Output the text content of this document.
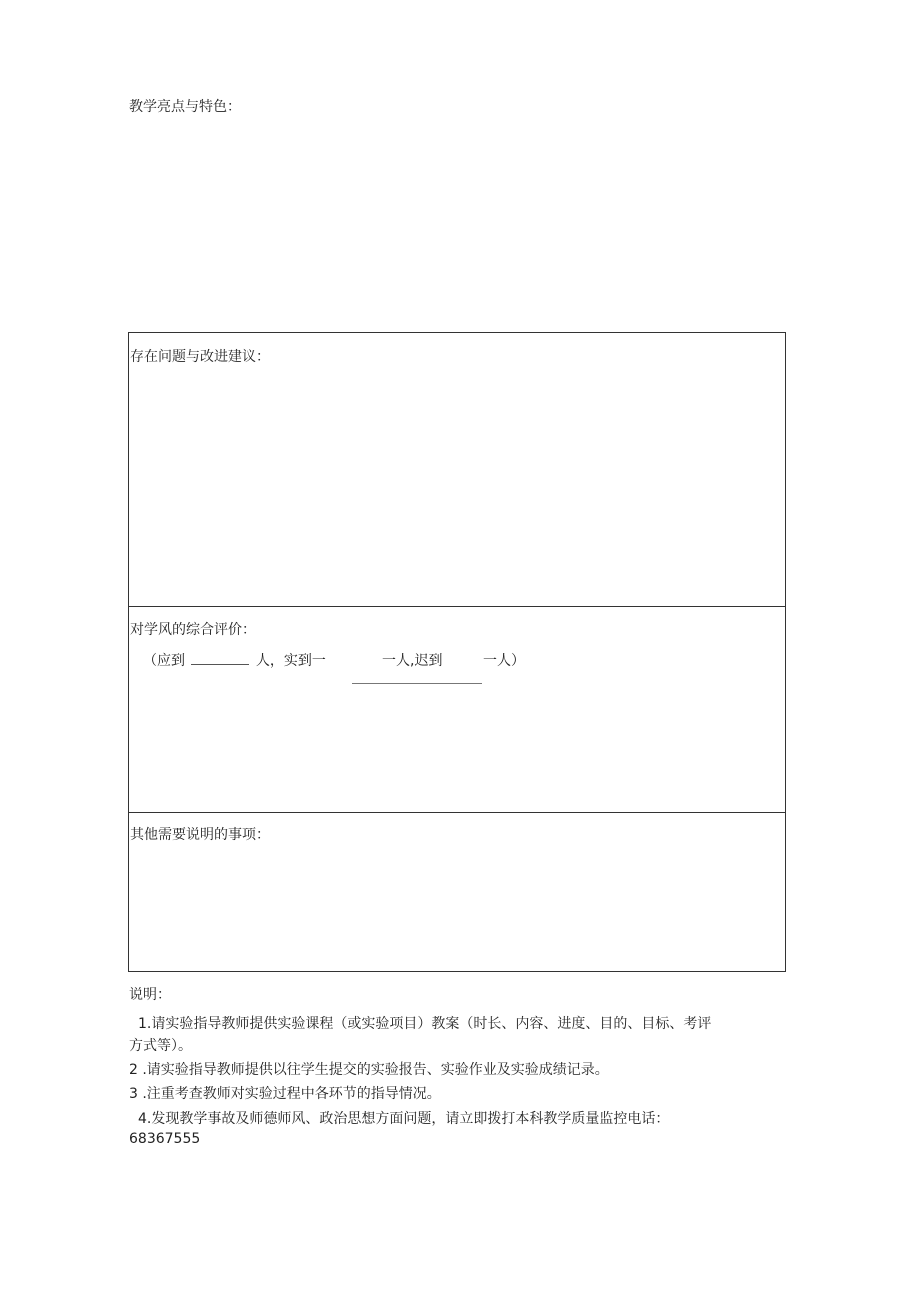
教学亮点与特色：
存在问题与改进建议：
对学风的综合评价：
（应到	人，实到一	一人,迟到	一人）
其他需要说明的事项：
说明：
1.请实验指导教师提供实验课程（或实验项目）教案（时长、内容、进度、目的、目标、考评
方式等）。
2 .请实验指导教师提供以往学生提交的实验报告、实验作业及实验成绩记录。
3 .注重考查教师对实验过程中各环节的指导情况。
4.发现教学事故及师德师风、政治思想方面问题，请立即拨打本科教学质量监控电话：
68367555
